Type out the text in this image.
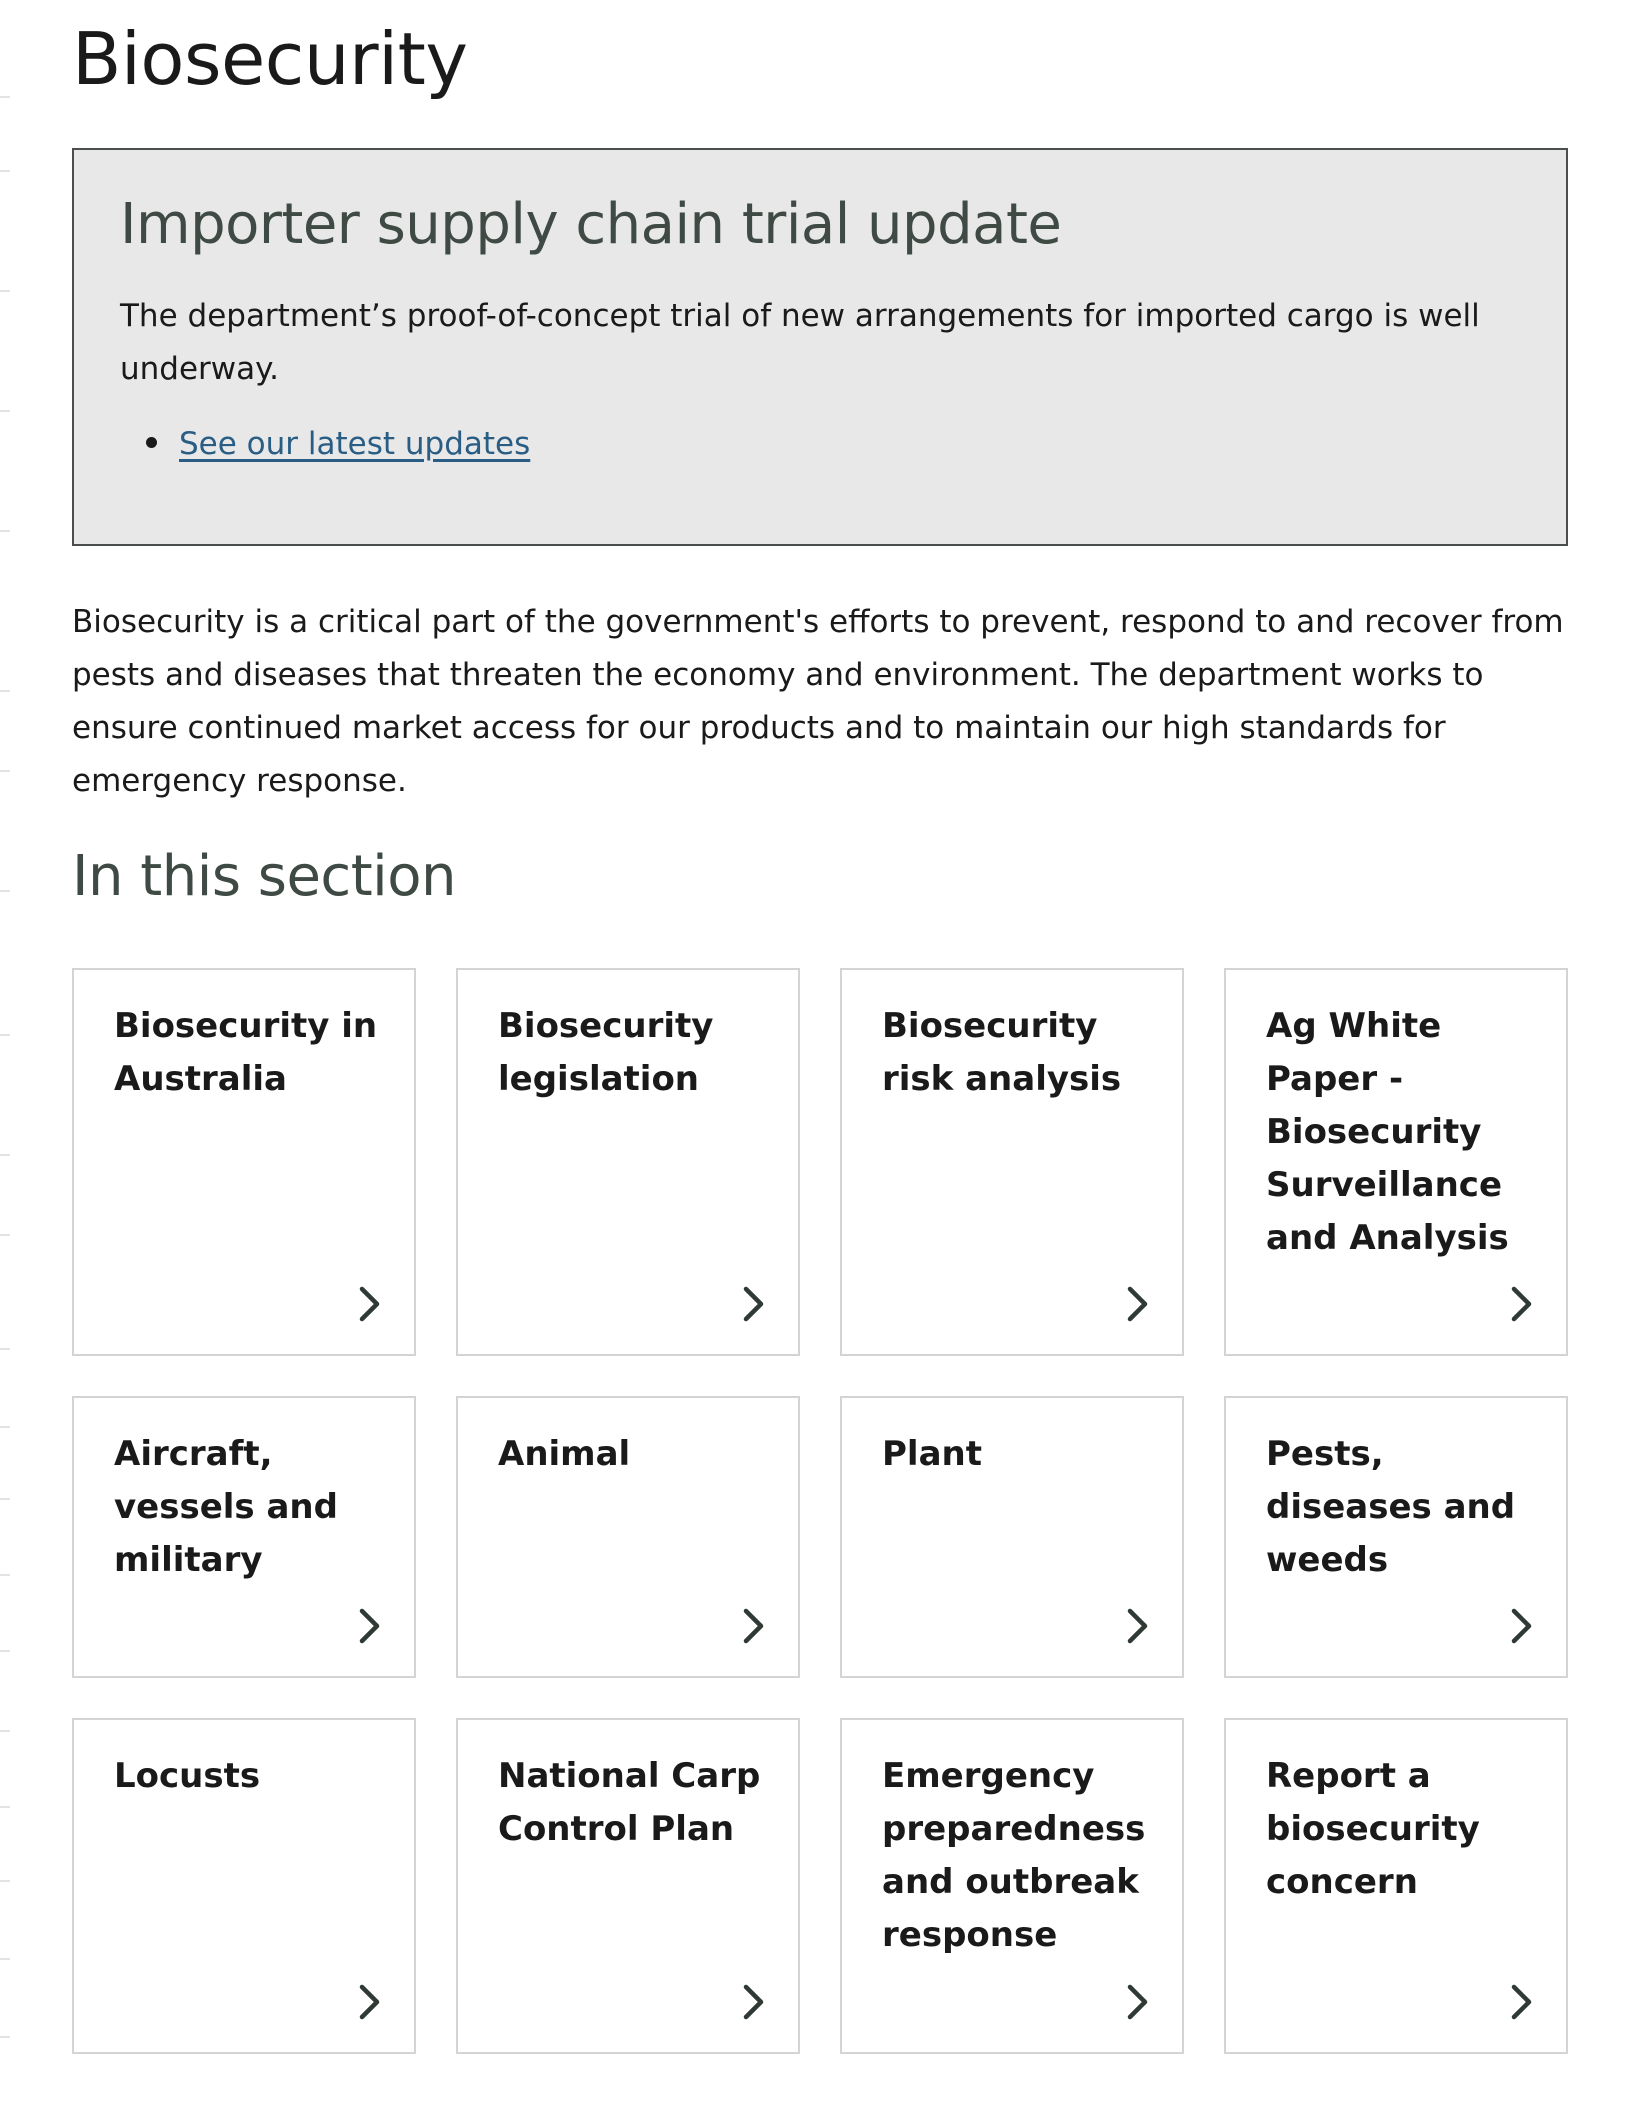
Biosecurity
Importer supply chain trial update

The department’s proof-of-concept trial of new arrangements for imported cargo is well underway.

See our latest updates

Biosecurity is a critical part of the government's efforts to prevent, respond to and recover from pests and diseases that threaten the economy and environment. The department works to ensure continued market access for our products and to maintain our high standards for emergency response.

In this section
Biosecurity in Australia
Biosecurity legislation
Biosecurity risk analysis
Ag White Paper - Biosecurity Surveillance and Analysis
Aircraft, vessels and military
Animal	Plant	Pests, diseases and weeds
Locusts	National Carp Control Plan
Emergency preparedness and outbreak response
Report a biosecurity concern
